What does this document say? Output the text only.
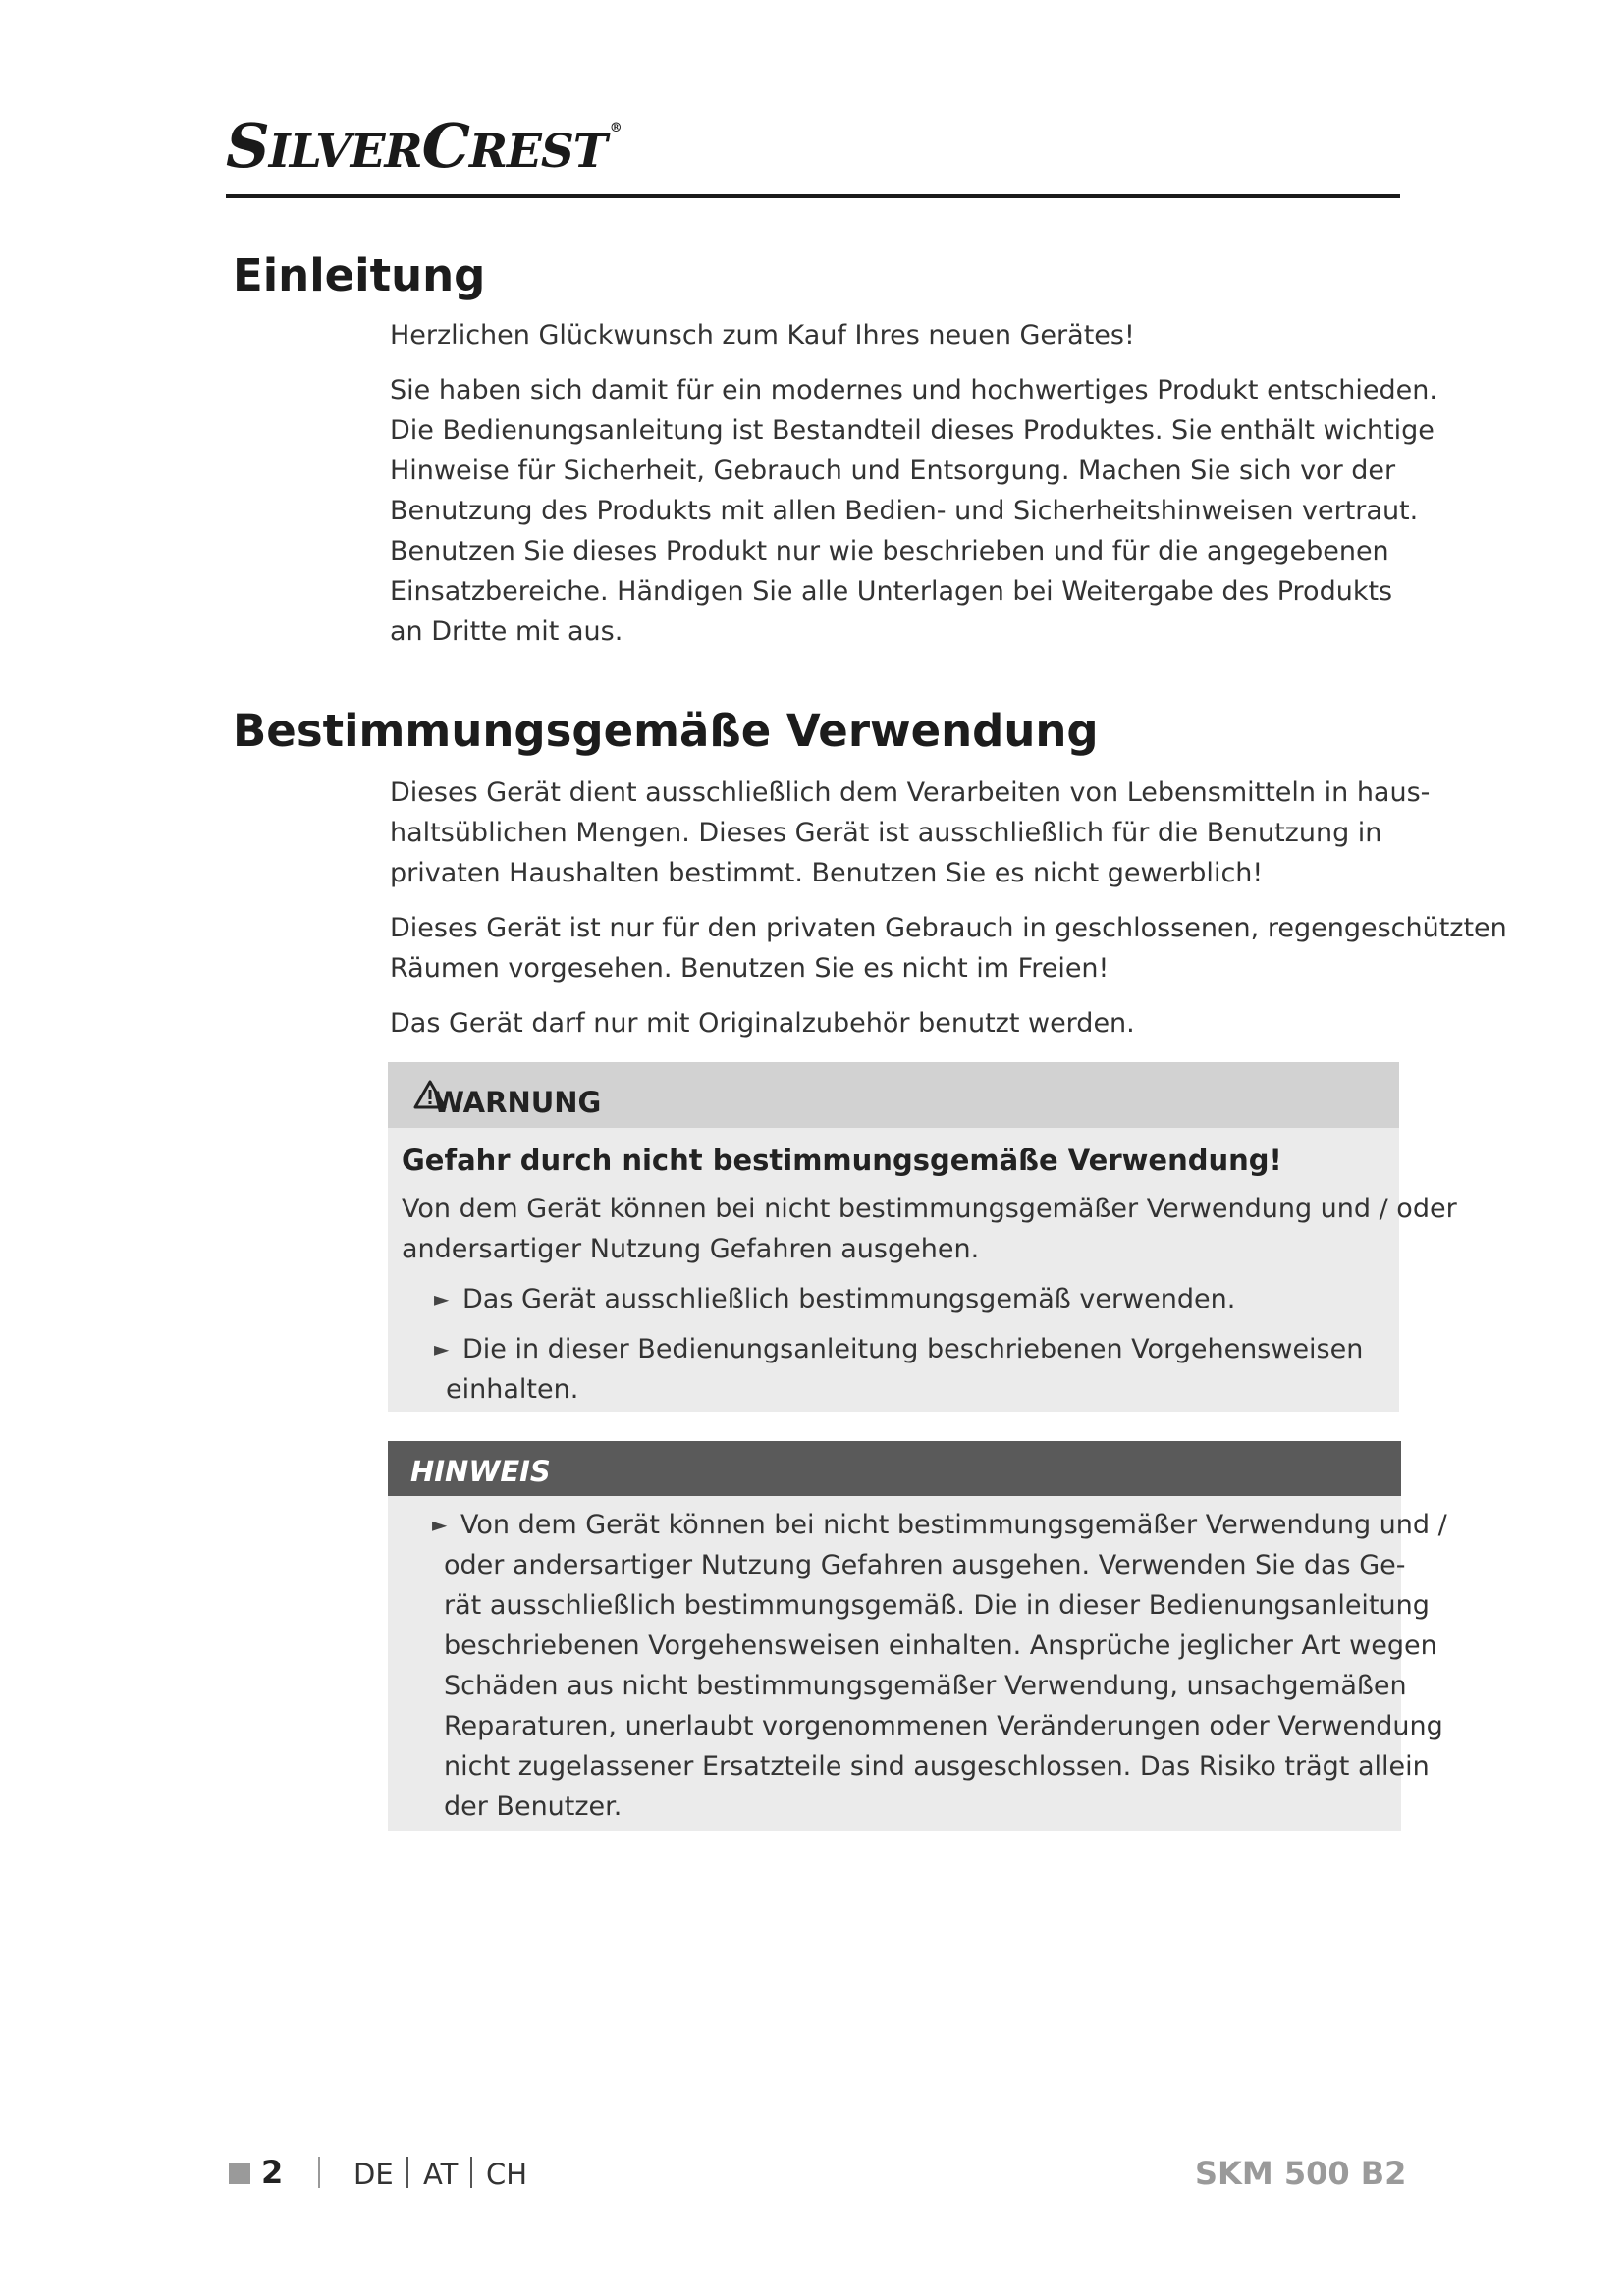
SILVERCREST ®
Einleitung

Herzlichen Glückwunsch zum Kauf Ihres neuen Gerätes!

Sie haben sich damit für ein modernes und hochwertiges Produkt entschieden.

Die Bedienungsanleitung ist Bestandteil dieses Produktes. Sie enthält wichtige

Hinweise für Sicherheit, Gebrauch und Entsorgung. Machen Sie sich vor der

Benutzung des Produkts mit allen Bedien- und Sicherheitshinweisen vertraut.

Benutzen Sie dieses Produkt nur wie beschrieben und für die angegebenen

Einsatzbereiche. Händigen Sie alle Unterlagen bei Weitergabe des Produkts

an Dritte mit aus.

Bestimmungsgemäße Verwendung

Dieses Gerät dient ausschließlich dem Verarbeiten von Lebensmitteln in haus-

haltsüblichen Mengen. Dieses Gerät ist ausschließlich für die Benutzung in

privaten Haushalten bestimmt. Benutzen Sie es nicht gewerblich!

Dieses Gerät ist nur für den privaten Gebrauch in geschlossenen, regengeschützten

Räumen vorgesehen. Benutzen Sie es nicht im Freien!

Das Gerät darf nur mit Originalzubehör benutzt werden.

WARNUNG
Gefahr durch nicht bestimmungsgemäße Verwendung!

Von dem Gerät können bei nicht bestimmungsgemäßer Verwendung und / oder

andersartiger Nutzung Gefahren ausgehen.

► Das Gerät ausschließlich bestimmungsgemäß verwenden.

► Die in dieser Bedienungsanleitung beschriebenen Vorgehensweisen

einhalten.

HINWEIS
► Von dem Gerät können bei nicht bestimmungsgemäßer Verwendung und /

oder andersartiger Nutzung Gefahren ausgehen. Verwenden Sie das Ge-

rät ausschließlich bestimmungsgemäß. Die in dieser Bedienungsanleitung

beschriebenen Vorgehensweisen einhalten. Ansprüche jeglicher Art wegen

Schäden aus nicht bestimmungsgemäßer Verwendung, unsachgemäßen

Reparaturen, unerlaubt vorgenommenen Veränderungen oder Verwendung

nicht zugelassener Ersatzteile sind ausgeschlossen. Das Risiko trägt allein

der Benutzer.

2 DE AT CH	SKM 500 B2
